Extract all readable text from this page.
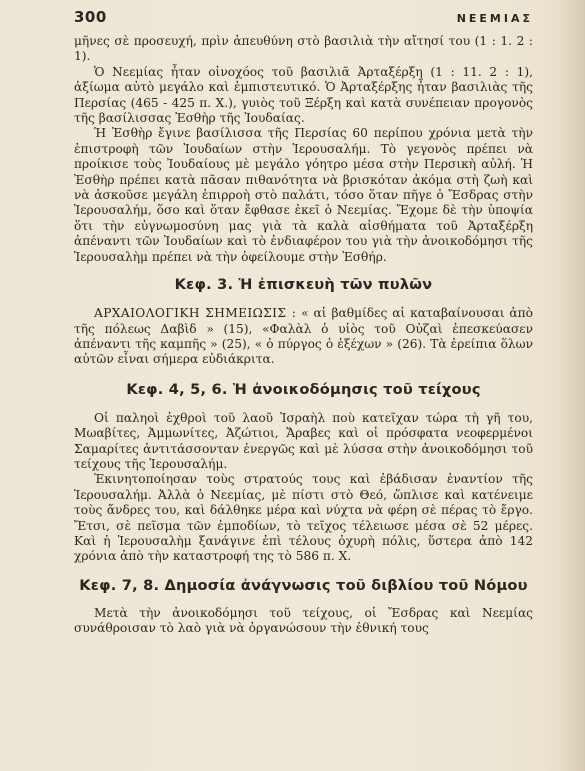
300	ΝΕΕΜΙΑΣ

μῆνες σὲ προσευχή, πρὶν ἀπευθύνη στὸ βασιλιὰ τὴν αἴτησί του (1 : 1. 2 : 1).

Ὁ Νεεμίας ἦταν οἰνοχόος τοῦ βασιλιᾶ Ἀρταξέρξη (1 : 11. 2 : 1), ἀξίωμα αὐτὸ μεγάλο καὶ ἐμπιστευτικό. Ὁ Ἀρταξέρξης ἦταν βασιλιὰς τῆς Περσίας (465 - 425 π. Χ.), γυιὸς τοῦ Ξέρξη καὶ κατὰ συνέπειαν προγονὸς τῆς βασίλισσας Ἐσθὴρ τῆς Ἰουδαίας.

Ἡ Ἐσθὴρ ἔγινε βασίλισσα τῆς Περσίας 60 περίπου χρόνια μετὰ τὴν ἐπιστροφὴ τῶν Ἰουδαίων στὴν Ἱερουσαλήμ. Τὸ γεγονὸς πρέπει νὰ προίκισε τοὺς Ἰουδαίους μὲ μεγάλο γόητρο μέσα στὴν Περσικὴ αὐλή. Ἡ Ἐσθὴρ πρέπει κατὰ πᾶσαν πιθανότητα νὰ βρισκόταν ἀκόμα στὴ ζωὴ καὶ νὰ ἀσκοῦσε μεγάλη ἐπιρροὴ στὸ παλάτι, τόσο ὅταν πῆγε ὁ Ἔσδρας στὴν Ἱερουσαλήμ, ὅσο καὶ ὅταν ἔφθασε ἐκεῖ ὁ Νεεμίας. Ἔχομε δὲ τὴν ὑποψία ὅτι τὴν εὐγνωμοσύνη μας γιὰ τὰ καλὰ αἰσθήματα τοῦ Ἀρταξέρξη ἀπέναντι τῶν Ἰουδαίων καὶ τὸ ἐνδιαφέρον του γιὰ τὴν ἀνοικοδόμησι τῆς Ἱερουσαλὴμ πρέπει νὰ τὴν ὀφείλουμε στὴν Ἐσθήρ.

Κεφ. 3. Ἡ ἐπισκευὴ τῶν πυλῶν

ΑΡΧΑΙΟΛΟΓΙΚΗ ΣΗΜΕΙΩΣΙΣ : « αἱ βαθμίδες αἱ καταβαίνουσαι ἀπὸ τῆς πόλεως Δαβὶδ » (15), «Φαλὰλ ὁ υἱὸς τοῦ Οὐζαὶ ἐπεσκεύασεν ἀπέναντι τῆς καμπῆς » (25), « ὁ πύργος ὁ ἐξέχων » (26). Τὰ ἐρείπια ὅλων αὐτῶν εἶναι σήμερα εὐδιάκριτα.

Κεφ. 4, 5, 6. Ἡ ἀνοικοδόμησις τοῦ τείχους

Οἱ παληοὶ ἐχθροὶ τοῦ λαοῦ Ἰσραὴλ ποὺ κατεῖχαν τώρα τὴ γῆ του, Μωαβίτες, Ἀμμωνίτες, Ἀζώτιοι, Ἄραβες καὶ οἱ πρόσφατα νεοφερμένοι Σαμαρίτες ἀντιτάσσονταν ἐνεργῶς καὶ μὲ λύσσα στὴν ἀνοικοδόμησι τοῦ τείχους τῆς Ἱερουσαλήμ.

Ἐκινητοποίησαν τοὺς στρατούς τους καὶ ἐβάδισαν ἐναντίον τῆς Ἱερουσαλήμ. Ἀλλὰ ὁ Νεεμίας, μὲ πίστι στὸ Θεό, ὥπλισε καὶ κατένειμε τοὺς ἄνδρες του, καὶ δάλθηκε μέρα καὶ νύχτα νὰ φέρη σὲ πέρας τὸ ἔργο. Ἔτσι, σὲ πεῖσμα τῶν ἐμποδίων, τὸ τεῖχος τέλειωσε μέσα σὲ 52 μέρες. Καὶ ἡ Ἱερουσαλὴμ ξανάγινε ἐπὶ τέλους ὀχυρὴ πόλις, ὕστερα ἀπὸ 142 χρόνια ἀπὸ τὴν καταστροφή της τὸ 586 π. Χ.

Κεφ. 7, 8. Δημοσία ἀνάγνωσις τοῦ διβλίου τοῦ Νόμου

Μετὰ τὴν ἀνοικοδόμησι τοῦ τείχους, οἱ Ἔσδρας καὶ Νεεμίας συνάθροισαν τὸ λαὸ γιὰ νὰ ὀργανώσουν τὴν ἐθνική τους
